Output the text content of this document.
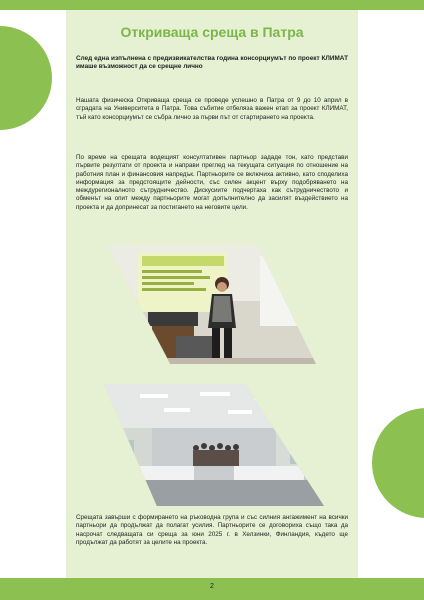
Откриваща среща в Патра
След една изпълнена с предизвикателства година консорциумът по проект КЛИМАТ имаше възможност да се срещне лично
Нашата физическа Откриваща среща се проведе успешно в Патра от 9 до 10 април в сградата на Университета в Патра. Това събитие отбеляза важен етап за проект КЛИМАТ, тъй като консорциумът се събра лично за първи път от стартирането на проекта.
По време на срещата водещият консултативен партньор зададе тон, като представи първите резултати от проекта и направи преглед на текущата ситуация по отношение на работния план и финансовия напредък. Партньорите се включиха активно, като споделиха информация за предстоящите дейности, със силен акцент върху подобряването на междурегионалното сътрудничество. Дискусиите подчертаха как сътрудничеството и обменът на опит между партньорите могат допълнително да засилят въздействието на проекта и да допринесат за постигането на неговите цели.
Срещата завърши с формирането на ръководна група и със силния ангажимент на всички партньори да продължат да полагат усилия. Партньорите се договориха също така да насрочат следващата си среща за юни 2025 г. в Хелзинки, Финландия, където ще продължат да работят за целите на проекта.
2
